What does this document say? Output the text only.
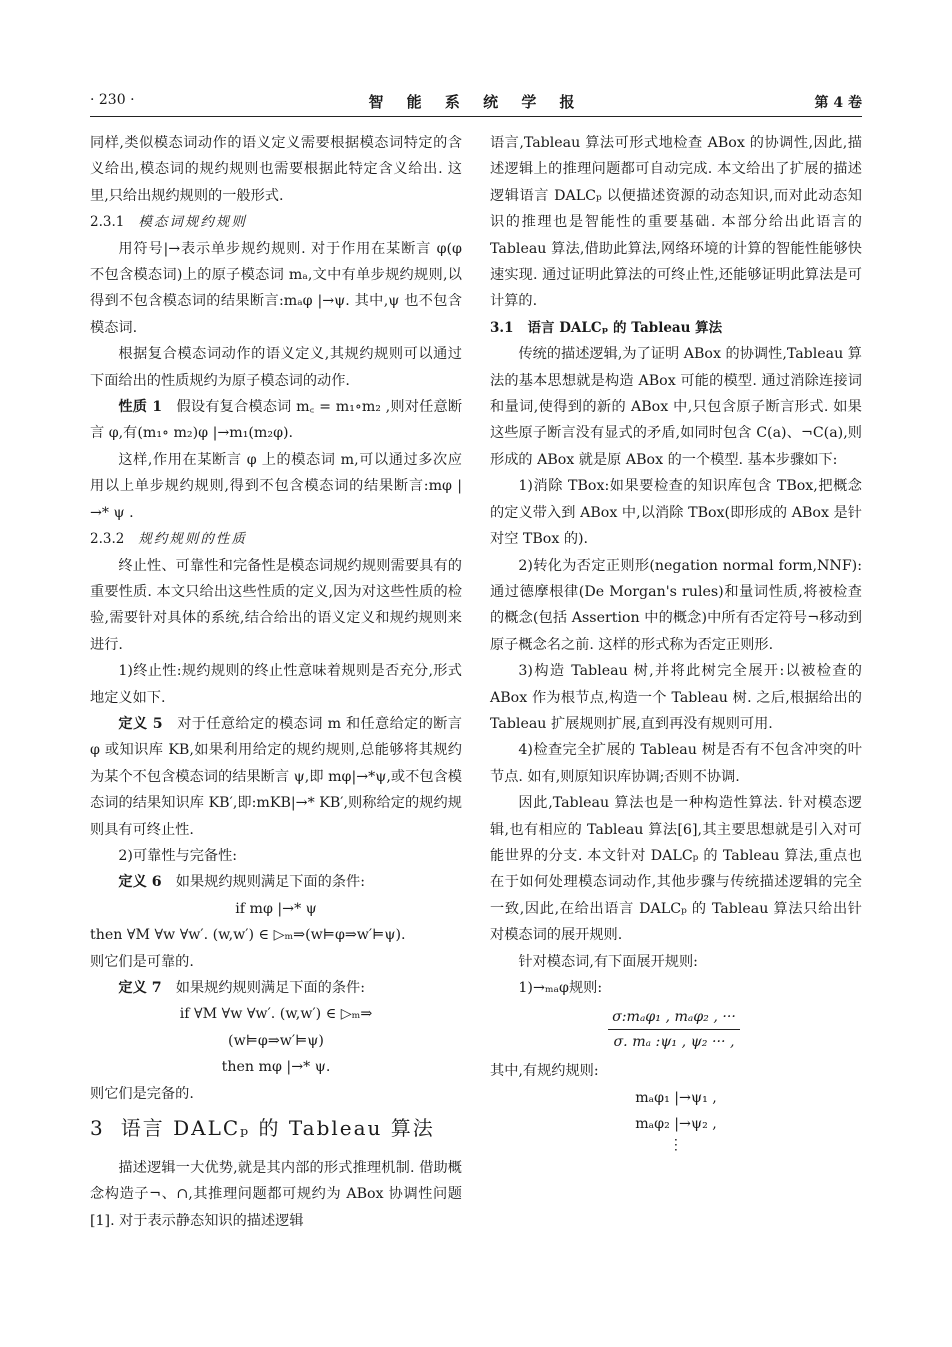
· 230 ·	智 能 系 统 学 报	第 4 卷

同样,类似模态词动作的语义定义需要根据模态词特定的含义给出,模态词的规约规则也需要根据此特定含义给出. 这里,只给出规约规则的一般形式.

2.3.1 模态词规约规则

用符号|→表示单步规约规则. 对于作用在某断言 φ(φ 不包含模态词)上的原子模态词 mₐ,文中有单步规约规则,以得到不包含模态词的结果断言:mₐφ |→ψ. 其中,ψ 也不包含模态词.

根据复合模态词动作的语义定义,其规约规则可以通过下面给出的性质规约为原子模态词的动作.

性质 1  假设有复合模态词 m꜀ = m₁∘m₂ ,则对任意断言 φ,有(m₁∘ m₂)φ |→m₁(m₂φ).

这样,作用在某断言 φ 上的模态词 m,可以通过多次应用以上单步规约规则,得到不包含模态词的结果断言:mφ |→* ψ .

2.3.2 规约规则的性质

终止性、可靠性和完备性是模态词规约规则需要具有的重要性质. 本文只给出这些性质的定义,因为对这些性质的检验,需要针对具体的系统,结合给出的语义定义和规约规则来进行.

1)终止性:规约规则的终止性意味着规则是否充分,形式地定义如下.

定义 5  对于任意给定的模态词 m 和任意给定的断言 φ 或知识库 KB,如果利用给定的规约规则,总能够将其规约为某个不包含模态词的结果断言 ψ,即 mφ|→*ψ,或不包含模态词的结果知识库 KB′,即:mKB|→* KB′,则称给定的规约规则具有可终止性.

2)可靠性与完备性:

定义 6  如果规约规则满足下面的条件:

if mφ |→* ψ

then ∀M ∀w ∀w′. (w,w′) ∈ ▷ₘ⇒(w⊨φ⇒w′⊨ψ).

则它们是可靠的.

定义 7  如果规约规则满足下面的条件:

if ∀M ∀w ∀w′. (w,w′) ∈ ▷ₘ⇒

(w⊨φ⇒w′⊨ψ)

then mφ |→* ψ.

则它们是完备的.

3 语言 DALCₚ 的 Tableau 算法

描述逻辑一大优势,就是其内部的形式推理机制. 借助概念构造子¬、∩,其推理问题都可规约为 ABox 协调性问题[1]. 对于表示静态知识的描述逻辑

语言,Tableau 算法可形式地检查 ABox 的协调性,因此,描述逻辑上的推理问题都可自动完成. 本文给出了扩展的描述逻辑语言 DALCₚ 以便描述资源的动态知识,而对此动态知识的推理也是智能性的重要基础. 本部分给出此语言的 Tableau 算法,借助此算法,网络环境的计算的智能性能够快速实现. 通过证明此算法的可终止性,还能够证明此算法是可计算的.

3.1 语言 DALCₚ 的 Tableau 算法

传统的描述逻辑,为了证明 ABox 的协调性,Tableau 算法的基本思想就是构造 ABox 可能的模型. 通过消除连接词和量词,使得到的新的 ABox 中,只包含原子断言形式. 如果这些原子断言没有显式的矛盾,如同时包含 C(a)、¬C(a),则形成的 ABox 就是原 ABox 的一个模型. 基本步骤如下:

1)消除 TBox:如果要检查的知识库包含 TBox,把概念的定义带入到 ABox 中,以消除 TBox(即形成的 ABox 是针对空 TBox 的).

2)转化为否定正则形(negation normal form,NNF):通过德摩根律(De Morgan's rules)和量词性质,将被检查的概念(包括 Assertion 中的概念)中所有否定符号¬移动到原子概念名之前. 这样的形式称为否定正则形.

3)构造 Tableau 树,并将此树完全展开:以被检查的 ABox 作为根节点,构造一个 Tableau 树. 之后,根据给出的 Tableau 扩展规则扩展,直到再没有规则可用.

4)检查完全扩展的 Tableau 树是否有不包含冲突的叶节点. 如有,则原知识库协调;否则不协调.

因此,Tableau 算法也是一种构造性算法. 针对模态逻辑,也有相应的 Tableau 算法[6],其主要思想就是引入对可能世界的分支. 本文针对 DALCₚ 的 Tableau 算法,重点也在于如何处理模态词动作,其他步骤与传统描述逻辑的完全一致,因此,在给出语言 DALCₚ 的 Tableau 算法只给出针对模态词的展开规则.

针对模态词,有下面展开规则:

1)→ₘₐφ规则:

σ:mₐφ₁ , mₐφ₂ , ···
σ. mₐ :ψ₁ , ψ₂ ··· ,

其中,有规约规则:

mₐφ₁ |→ψ₁ ,

mₐφ₂ |→ψ₂ ,

⋮
